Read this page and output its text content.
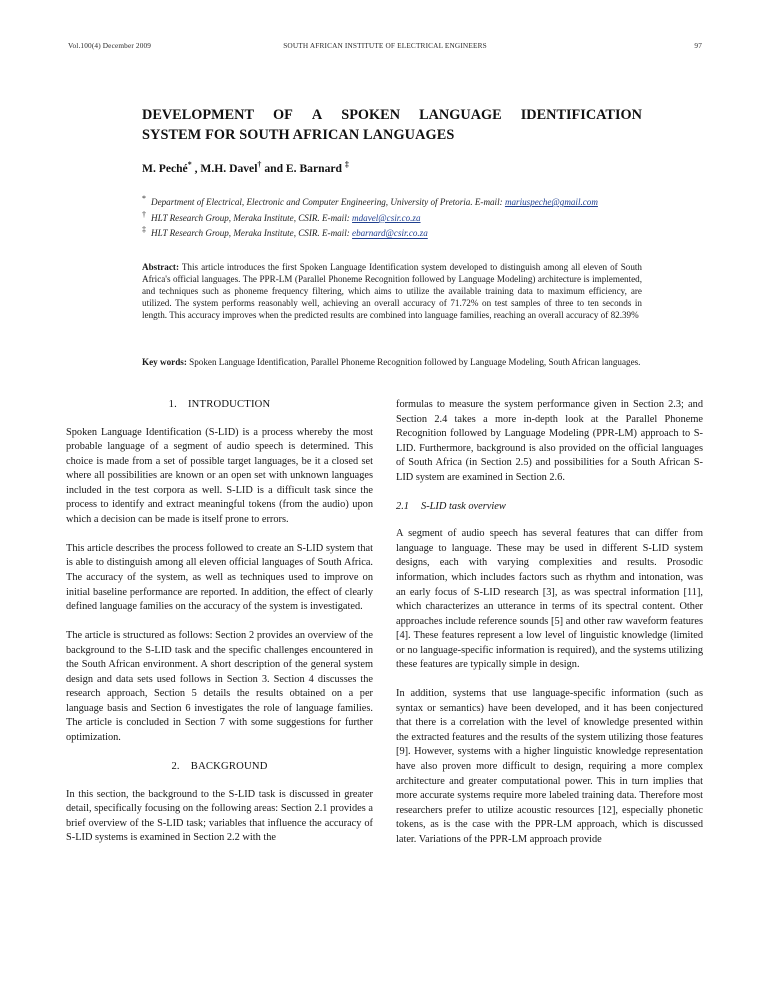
Vol.100(4) December 2009	SOUTH AFRICAN INSTITUTE OF ELECTRICAL ENGINEERS	97
DEVELOPMENT OF A SPOKEN LANGUAGE IDENTIFICATION
SYSTEM FOR SOUTH AFRICAN LANGUAGES
M. Peché* , M.H. Davel† and E. Barnard ‡
* Department of Electrical, Electronic and Computer Engineering, University of Pretoria. E-mail: mariuspeche@gmail.com
† HLT Research Group, Meraka Institute, CSIR. E-mail: mdavel@csir.co.za
‡ HLT Research Group, Meraka Institute, CSIR. E-mail: ebarnard@csir.co.za
Abstract: This article introduces the first Spoken Language Identification system developed to distinguish among all eleven of South Africa's official languages. The PPR-LM (Parallel Phoneme Recognition followed by Language Modeling) architecture is implemented, and techniques such as phoneme frequency filtering, which aims to utilize the available training data to maximum efficiency, are utilized. The system performs reasonably well, achieving an overall accuracy of 71.72% on test samples of three to ten seconds in length. This accuracy improves when the predicted results are combined into language families, reaching an overall accuracy of 82.39%
Key words: Spoken Language Identification, Parallel Phoneme Recognition followed by Language Modeling, South African languages.
1. INTRODUCTION

Spoken Language Identification (S-LID) is a process whereby the most probable language of a segment of audio speech is determined. This choice is made from a set of possible target languages, be it a closed set where all possibilities are known or an open set with unknown languages included in the test corpora as well. S-LID is a difficult task since the process to identify and extract meaningful tokens (from the audio) upon which a decision can be made is itself prone to errors.

This article describes the process followed to create an S-LID system that is able to distinguish among all eleven official languages of South Africa. The accuracy of the system, as well as techniques used to improve on initial baseline performance are reported. In addition, the effect of clearly defined language families on the accuracy of the system is investigated.

The article is structured as follows: Section 2 provides an overview of the background to the S-LID task and the specific challenges encountered in the South African environment. A short description of the general system design and data sets used follows in Section 3. Section 4 discusses the research approach, Section 5 details the results obtained on a per language basis and Section 6 investigates the role of language families. The article is concluded in Section 7 with some suggestions for further optimization.

2. BACKGROUND

In this section, the background to the S-LID task is discussed in greater detail, specifically focusing on the following areas: Section 2.1 provides a brief overview of the S-LID task; variables that influence the accuracy of S-LID systems is examined in Section 2.2 with the

formulas to measure the system performance given in Section 2.3; and Section 2.4 takes a more in-depth look at the Parallel Phoneme Recognition followed by Language Modeling (PPR-LM) approach to S-LID. Furthermore, background is also provided on the official languages of South Africa (in Section 2.5) and possibilities for a South African S-LID system are examined in Section 2.6.

2.1 S-LID task overview

A segment of audio speech has several features that can differ from language to language. These may be used in different S-LID system designs, each with varying complexities and results. Prosodic information, which includes factors such as rhythm and intonation, was an early focus of S-LID research [3], as was spectral information [11], which characterizes an utterance in terms of its spectral content. Other approaches include reference sounds [5] and other raw waveform features [4]. These features represent a low level of linguistic knowledge (limited or no language-specific information is required), and the systems utilizing these features are typically simple in design.

In addition, systems that use language-specific information (such as syntax or semantics) have been developed, and it has been conjectured that there is a correlation with the level of knowledge presented within the extracted features and the results of the system utilizing those features [9]. However, systems with a higher linguistic knowledge representation have also proven more difficult to design, requiring a more complex architecture and greater computational power. This in turn implies that more accurate systems require more labeled training data. Therefore most researchers prefer to utilize acoustic resources [12], especially phonetic tokens, as is the case with the PPR-LM approach, which is discussed later. Variations of the PPR-LM approach provide
